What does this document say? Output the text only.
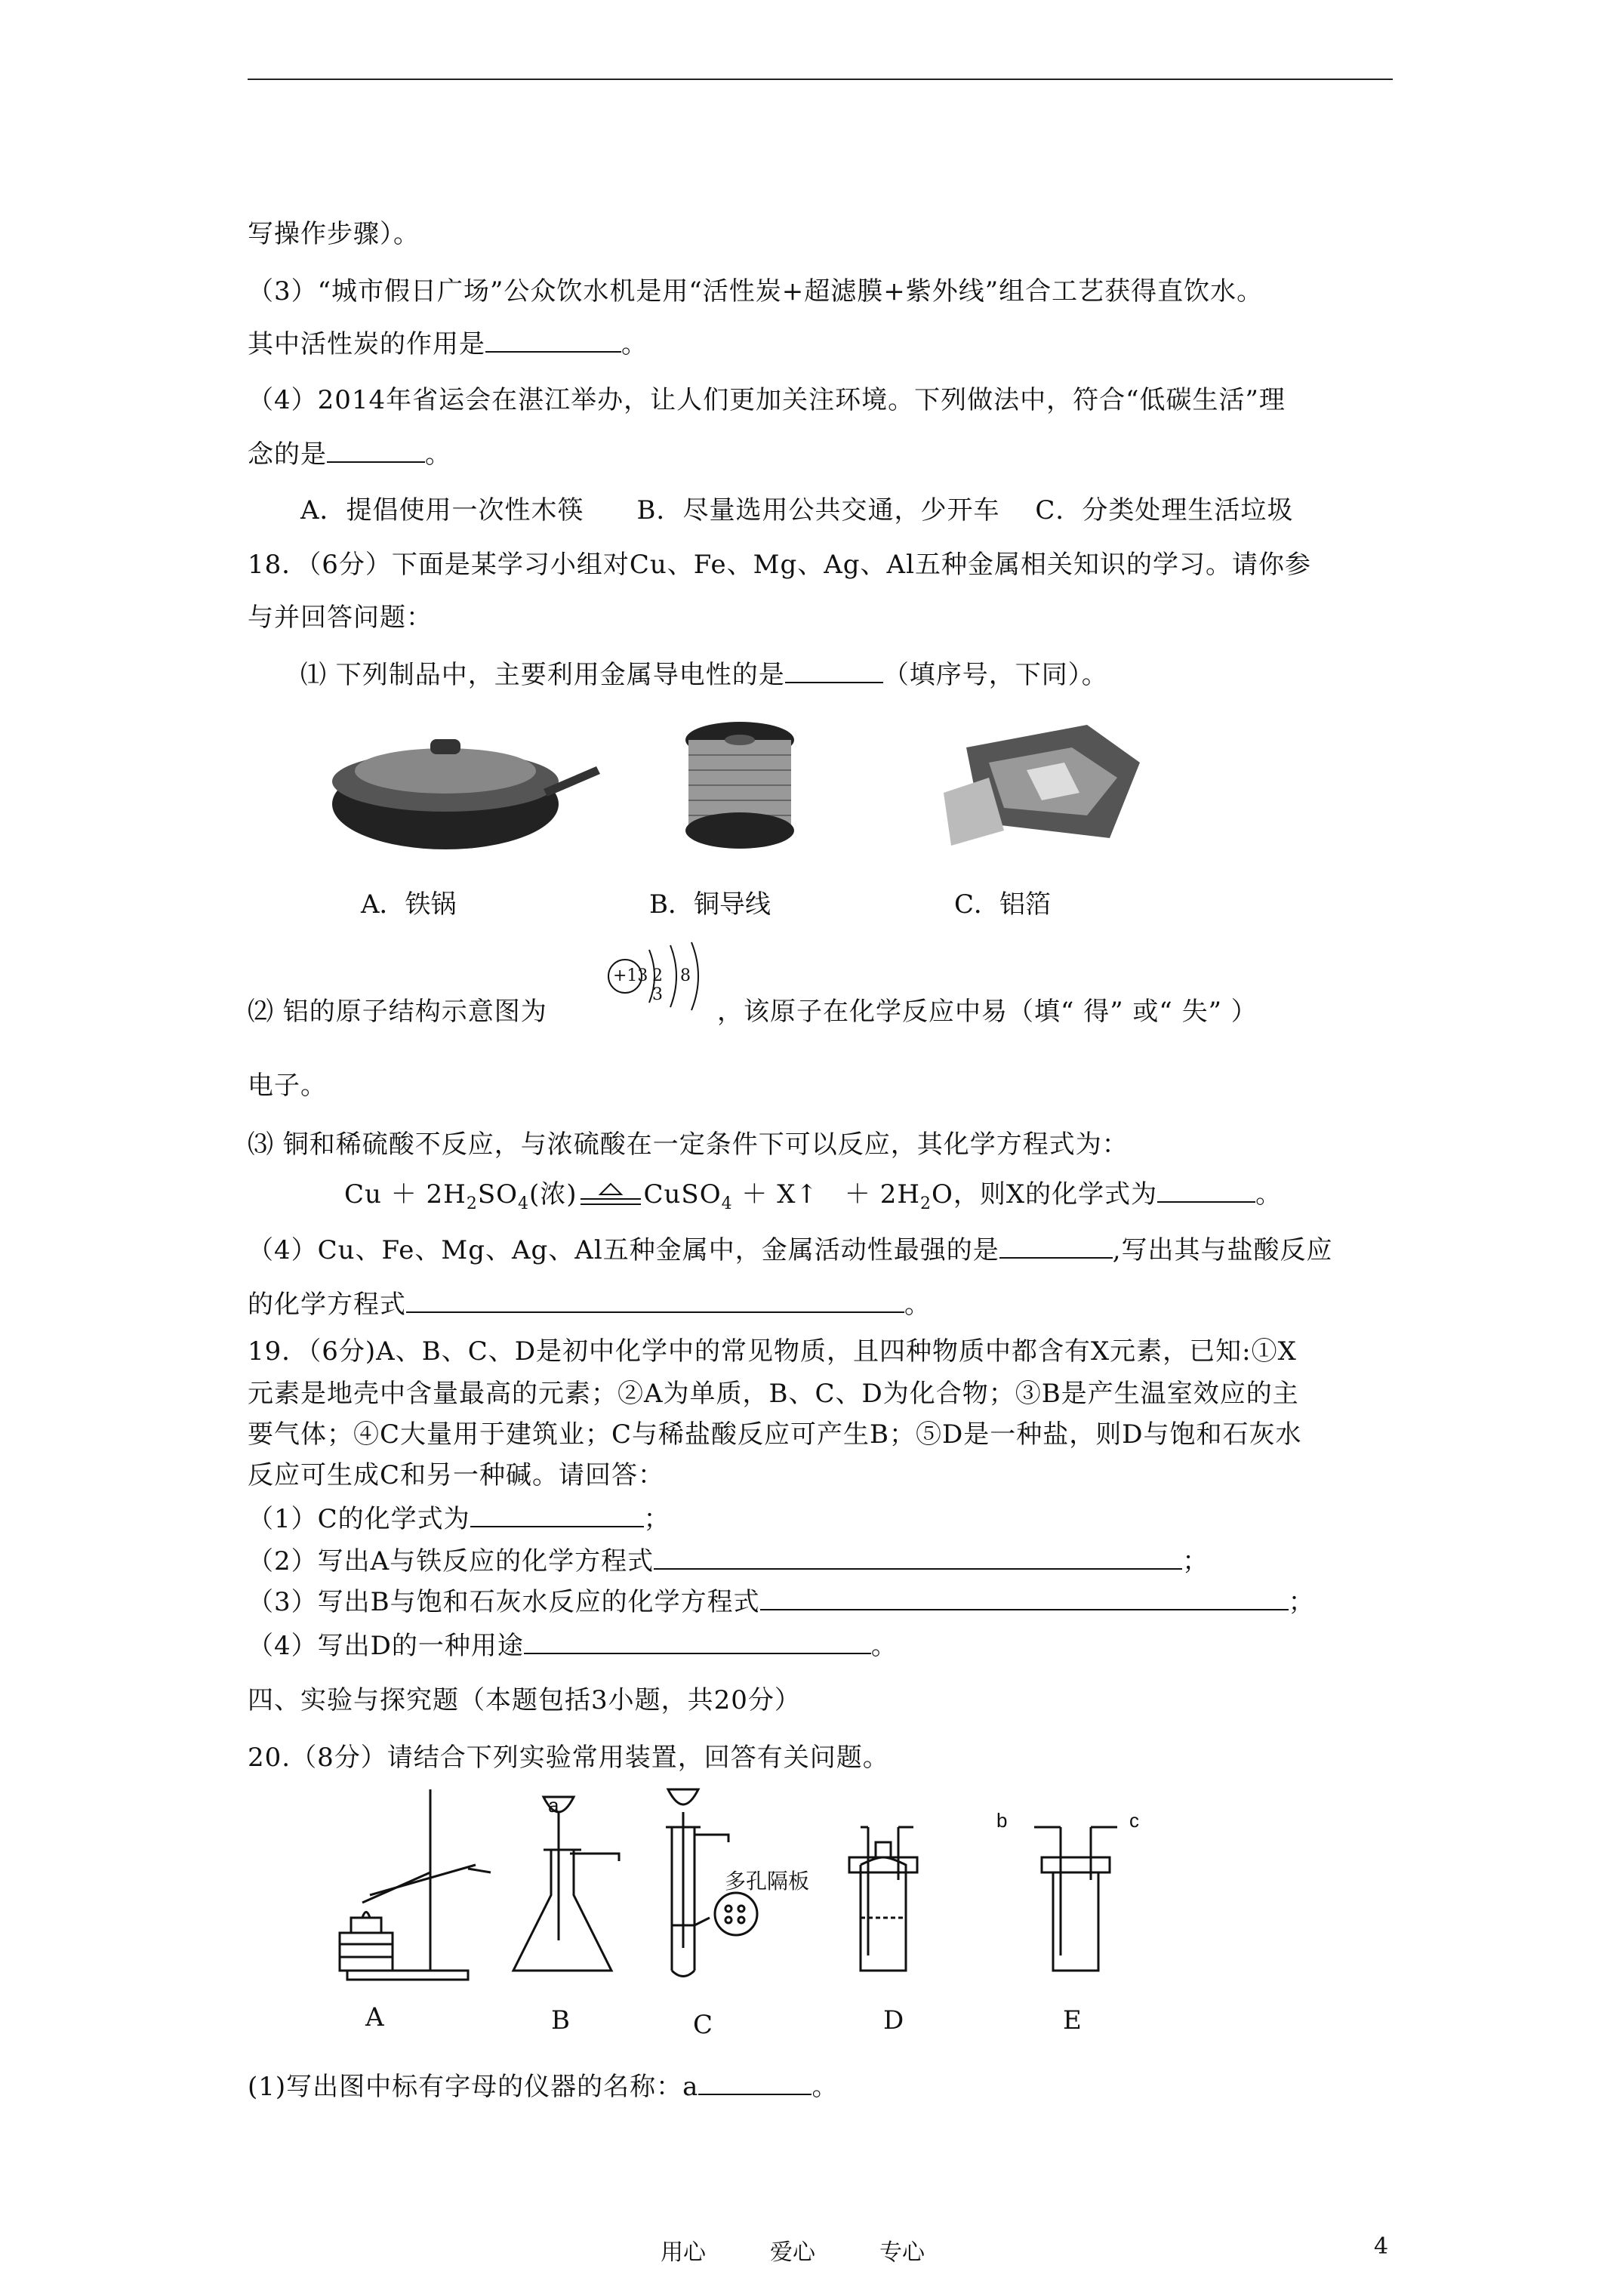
写操作步骤）。
（3）“城市假日广场”公众饮水机是用“活性炭+超滤膜+紫外线”组合工艺获得直饮水。
其中活性炭的作用是	。
（4）2014年省运会在湛江举办，让人们更加关注环境。下列做法中，符合“低碳生活”理
念的是	。
A．提倡使用一次性木筷　　B．尽量选用公共交通，少开车　 C．分类处理生活垃圾
18．（6分）下面是某学习小组对Cu、Fe、Mg、Ag、Al五种金属相关知识的学习。请你参
与并回答问题：
⑴ 下列制品中，主要利用金属导电性的是	（填序号，下同）。
A．铁锅	B．铜导线	C．铝箔
⑵ 铝的原子结构示意图为
+13 2 8 3
，该原子在化学反应中易（填“ 得” 或“ 失” ）
电子。
⑶ 铜和稀硫酸不反应，与浓硫酸在一定条件下可以反应，其化学方程式为：
$Cu + 2H_2SO_4$(浓)	CuSO$_4$ ＋ X↑　＋ $2H_2O$，则X的化学式为	。
（4）Cu、Fe、Mg、Ag、Al五种金属中，金属活动性最强的是	,写出其与盐酸反应
的化学方程式	。
19．（6分)A、B、C、D是初中化学中的常见物质，且四种物质中都含有X元素，已知:①X
元素是地壳中含量最高的元素；②A为单质，B、C、D为化合物；③B是产生温室效应的主
要气体；④C大量用于建筑业；C与稀盐酸反应可产生B；⑤D是一种盐，则D与饱和石灰水
反应可生成C和另一种碱。请回答：
（1）C的化学式为	；
（2）写出A与铁反应的化学方程式	；
（3）写出B与饱和石灰水反应的化学方程式	；
（4）写出D的一种用途	。
四、实验与探究题（本题包括3小题，共20分）
20.（8分）请结合下列实验常用装置，回答有关问题。
a
b	c
多孔隔板
A	B	C	D	E
(1)写出图中标有字母的仪器的名称：a	。
用心	爱心	专心	4
